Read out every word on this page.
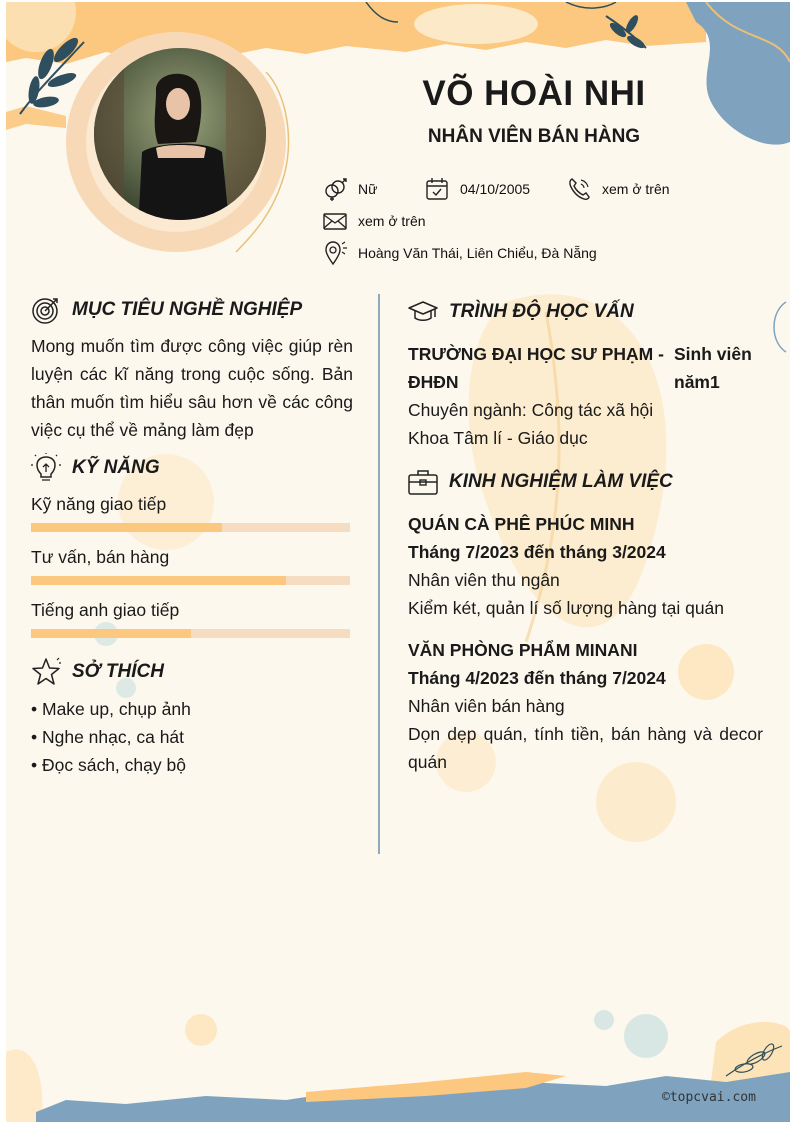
VÕ HOÀI NHI
NHÂN VIÊN BÁN HÀNG
Nữ	04/10/2005	xem ở trên
xem ở trên
Hoàng Văn Thái, Liên Chiểu, Đà Nẵng
MỤC TIÊU NGHỀ NGHIỆP
Mong muốn tìm được công việc giúp rèn luyện các kĩ năng trong cuộc sống. Bản thân muốn tìm hiểu sâu hơn về các công việc cụ thể về mảng làm đẹp
KỸ NĂNG
Kỹ năng giao tiếp
Tư vấn, bán hàng
Tiếng anh giao tiếp
SỞ THÍCH
• Make up, chụp ảnh
• Nghe nhạc, ca hát
• Đọc sách, chạy bộ
TRÌNH ĐỘ HỌC VẤN
TRƯỜNG ĐẠI HỌC SƯ PHẠM -
ĐHĐN
Sinh viên
năm1
Chuyên ngành: Công tác xã hội
Khoa Tâm lí - Giáo dục
KINH NGHIỆM LÀM VIỆC
QUÁN CÀ PHÊ PHÚC MINH
Tháng 7/2023 đến tháng 3/2024
Nhân viên thu ngân
Kiểm két, quản lí số lượng hàng tại quán
VĂN PHÒNG PHẨM MINANI
Tháng 4/2023 đến tháng 7/2024
Nhân viên bán hàng
Dọn dẹp quán, tính tiền, bán hàng và decor quán
©topcvai.com
